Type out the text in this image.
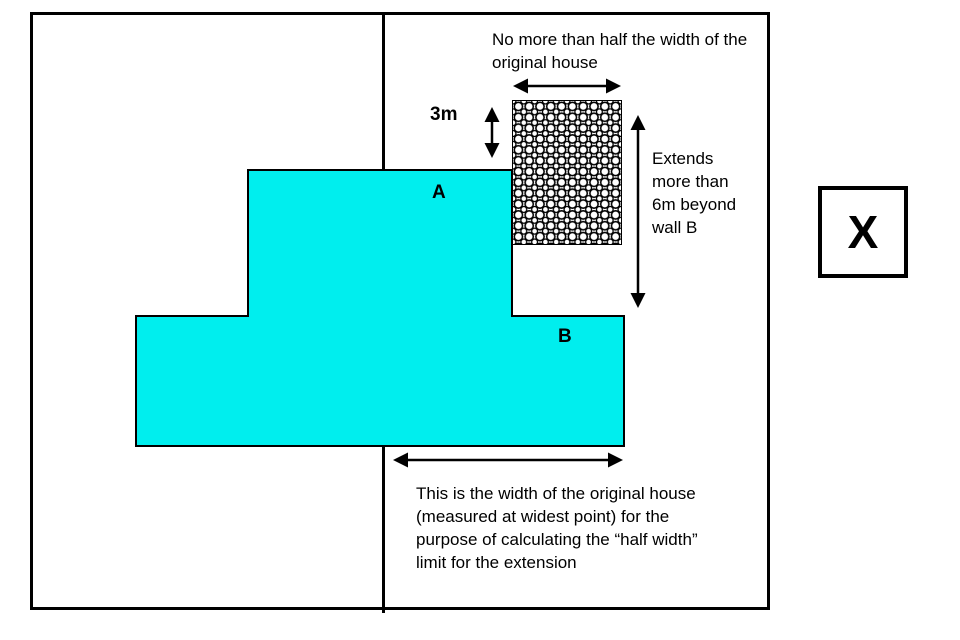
No more than half the width of the original house
Extends more than 6m beyond wall B
This is the width of the original house (measured at widest point) for the purpose of calculating the “half width” limit for the extension
3m
A
B
X
